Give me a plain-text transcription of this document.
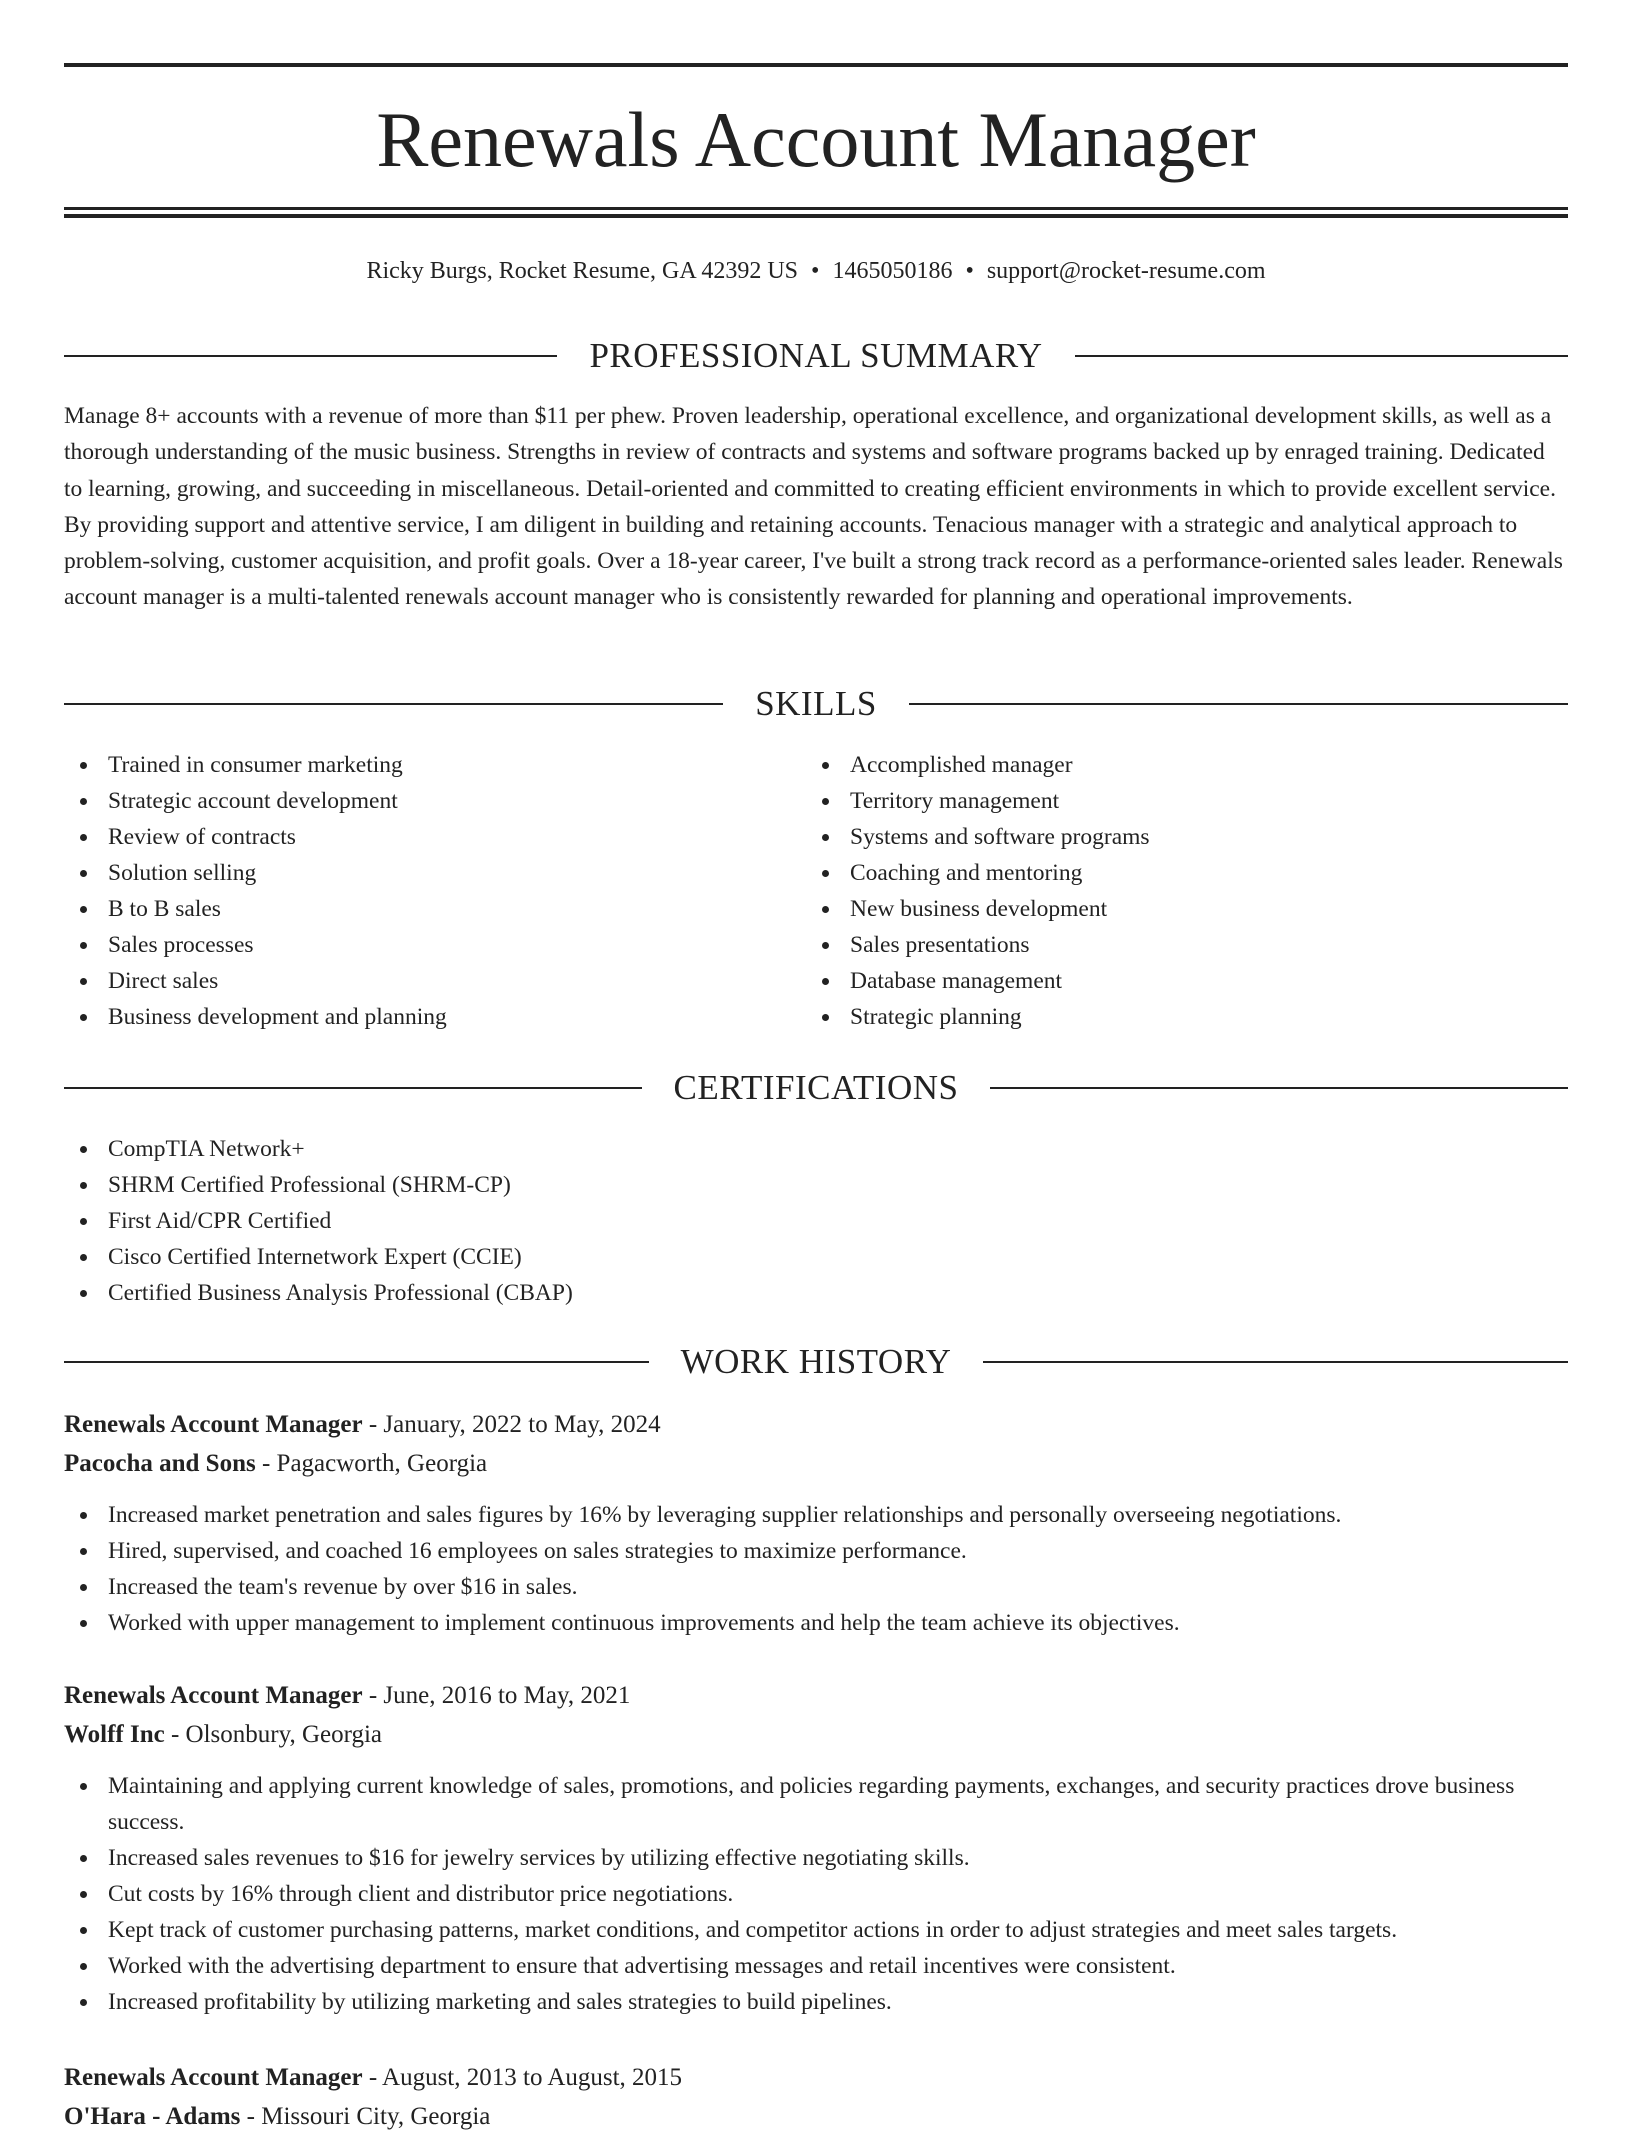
Renewals Account Manager
Ricky Burgs, Rocket Resume, GA 42392 US • 1465050186 • support@rocket-resume.com
PROFESSIONAL SUMMARY

Manage 8+ accounts with a revenue of more than $11 per phew. Proven leadership, operational excellence, and organizational development skills, as well as a thorough understanding of the music business. Strengths in review of contracts and systems and software programs backed up by enraged training. Dedicated to learning, growing, and succeeding in miscellaneous. Detail-oriented and committed to creating efficient environments in which to provide excellent service. By providing support and attentive service, I am diligent in building and retaining accounts. Tenacious manager with a strategic and analytical approach to problem-solving, customer acquisition, and profit goals. Over a 18-year career, I've built a strong track record as a performance-oriented sales leader. Renewals account manager is a multi-talented renewals account manager who is consistently rewarded for planning and operational improvements.

SKILLS
Trained in consumer marketing
Strategic account development
Review of contracts
Solution selling
B to B sales
Sales processes
Direct sales
Business development and planning
Accomplished manager
Territory management
Systems and software programs
Coaching and mentoring
New business development
Sales presentations
Database management
Strategic planning
CERTIFICATIONS
CompTIA Network+
SHRM Certified Professional (SHRM-CP)
First Aid/CPR Certified
Cisco Certified Internetwork Expert (CCIE)
Certified Business Analysis Professional (CBAP)
WORK HISTORY
Renewals Account Manager - January, 2022 to May, 2024
Pacocha and Sons - Pagacworth, Georgia
Increased market penetration and sales figures by 16% by leveraging supplier relationships and personally overseeing negotiations.
Hired, supervised, and coached 16 employees on sales strategies to maximize performance.
Increased the team's revenue by over $16 in sales.
Worked with upper management to implement continuous improvements and help the team achieve its objectives.
Renewals Account Manager - June, 2016 to May, 2021
Wolff Inc - Olsonbury, Georgia
Maintaining and applying current knowledge of sales, promotions, and policies regarding payments, exchanges, and security practices drove business success.
Increased sales revenues to $16 for jewelry services by utilizing effective negotiating skills.
Cut costs by 16% through client and distributor price negotiations.
Kept track of customer purchasing patterns, market conditions, and competitor actions in order to adjust strategies and meet sales targets.
Worked with the advertising department to ensure that advertising messages and retail incentives were consistent.
Increased profitability by utilizing marketing and sales strategies to build pipelines.
Renewals Account Manager - August, 2013 to August, 2015
O'Hara - Adams - Missouri City, Georgia
